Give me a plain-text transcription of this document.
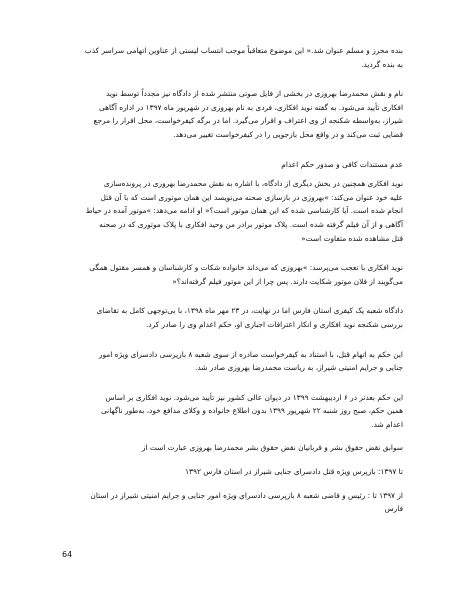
بنده محرز و مسلم عنوان شد.« این موضوع متعاقباً موجب انتساب لیستی از عناوین اتهامی سراسر کذب
به بنده گردید.

نام و نقش محمدرضا بهروزی در بخشی از فایل صوتی منتشر شده از دادگاه نیز مجدداً توسط نوید
افکاری تأیید می‌شود. به گفته نوید افکاری، فردی به نام بهروزی در شهریور ماه ۱۳۹۷ در اداره آگاهی
شیراز، به‌واسطه شکنجه از وی اعتراف و اقرار می‌گیرد. اما در برگه کیفرخواست، محل اقرار را مرجع
قضایی ثبت می‌کند و در واقع محل بازجویی را در کیفرخواست تغییر می‌دهد.

عدم مستندات کافی و صدور حکم اعدام

نوید افکاری همچنین در بخش دیگری از دادگاه، با اشاره به نقش محمدرضا بهروزی در پرونده‌سازی
علیه خود عنوان می‌کند: »بهروزی در بازسازی صحنه می‌نویسد این همان موتوری است که با آن قتل
انجام شده است. آیا کارشناسی شده که این همان موتور است؟« او ادامه می‌دهد: »موتور آمده در حیاط
آگاهی و از آن فیلم گرفته شده است. پلاک موتور برادر من وحید افکاری با پلاک موتوری که در صحنه
قتل مشاهده شده متفاوت است«

نوید افکاری با تعجب می‌پرسد: »بهروزی که می‌داند خانواده شکات و کارشناسان و همسر مقتول همگی
می‌گویند از فلان موتور شکایت دارند. پس چرا از این موتور فیلم گرفته‌اند؟«

دادگاه شعبه یک کیفری استان فارس اما در نهایت، در ۲۳ مهر ماه ۱۳۹۸، با بی‌توجهی کامل به تقاضای
بررسی شکنجه نوید افکاری و انکار اعترافات اجباری او، حکم اعدام وی را صادر کرد.

این حکم به اتهام قتل، با استناد به کیفرخواست صادره از سوی شعبه ۸ بازپرسی دادسرای ویژه امور
جنایی و جرایم امنیتی شیراز، به ریاست محمدرضا بهروزی صادر شد.

این حکم بعدتر در ۶ اردیبهشت ۱۳۹۹ در دیوان عالی کشور نیز تأیید می‌شود. نوید افکاری بر اساس
همین حکم، صبح روز شنبه ۲۲ شهریور ۱۳۹۹ بدون اطلاع خانواده و وکلای مدافع خود، به‌طور ناگهانی
اعدام شد.

سوابق نقض حقوق بشر و قربانیان نقض حقوق بشر محمدرضا بهروزی عبارت است از

تا ۱۳۹۷: بازپرس ویژه قتل دادسرای جنایی شیراز در استان فارس ۱۳۹۲

از ۱۳۹۷ تا : رئیس و قاضی شعبه ۸ بازپرسی دادسرای ویژه امور جنایی و جرایم امنیتی شیراز در استان
فارس

64
